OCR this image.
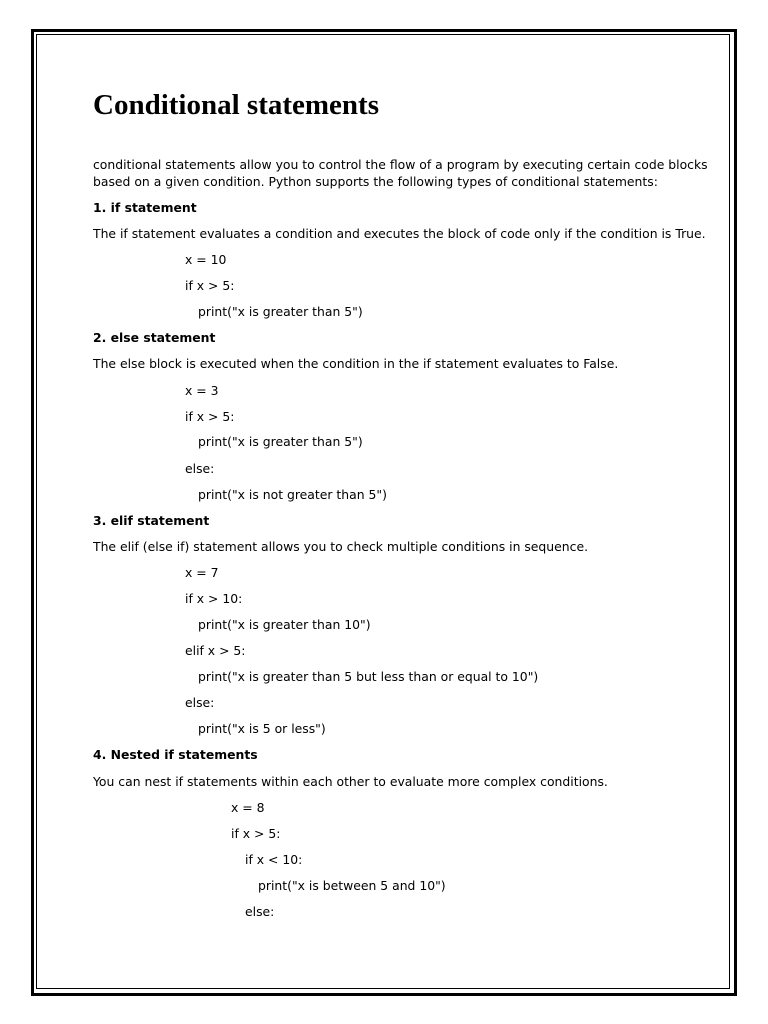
Conditional statements

conditional statements allow you to control the flow of a program by executing certain code blocks

based on a given condition. Python supports the following types of conditional statements:

1. if statement

The if statement evaluates a condition and executes the block of code only if the condition is True.

x = 10

if x > 5:

print("x is greater than 5")

2. else statement

The else block is executed when the condition in the if statement evaluates to False.

x = 3

if x > 5:

print("x is greater than 5")

else:

print("x is not greater than 5")

3. elif statement

The elif (else if) statement allows you to check multiple conditions in sequence.

x = 7

if x > 10:

print("x is greater than 10")

elif x > 5:

print("x is greater than 5 but less than or equal to 10")

else:

print("x is 5 or less")

4. Nested if statements

You can nest if statements within each other to evaluate more complex conditions.

x = 8

if x > 5:

if x < 10:

print("x is between 5 and 10")

else:
